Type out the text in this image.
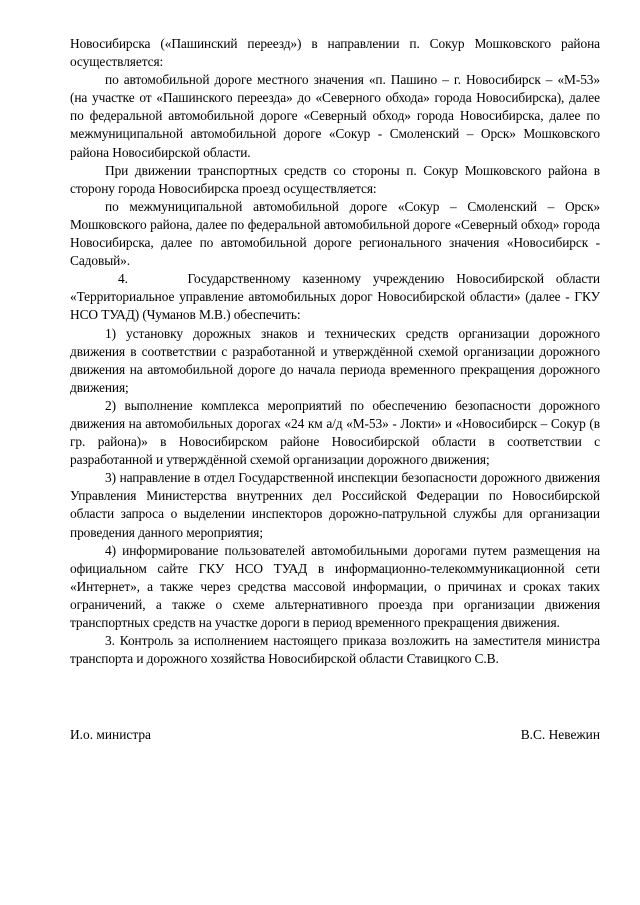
Новосибирска («Пашинский переезд») в направлении п. Сокур Мошковского района осуществляется:

по автомобильной дороге местного значения «п. Пашино – г. Новосибирск – «М-53» (на участке от «Пашинского переезда» до «Северного обхода» города Новосибирска), далее по федеральной автомобильной дороге «Северный обход» города Новосибирска, далее по межмуниципальной автомобильной дороге «Сокур - Смоленский – Орск» Мошковского района Новосибирской области.

При движении транспортных средств со стороны п. Сокур Мошковского района в сторону города Новосибирска проезд осуществляется:

по межмуниципальной автомобильной дороге «Сокур – Смоленский – Орск» Мошковского района, далее по федеральной автомобильной дороге «Северный обход» города Новосибирска, далее по автомобильной дороге регионального значения «Новосибирск - Садовый».

4.     Государственному казенному учреждению Новосибирской области «Территориальное управление автомобильных дорог Новосибирской области» (далее - ГКУ НСО ТУАД) (Чуманов М.В.) обеспечить:

1) установку дорожных знаков и технических средств организации дорожного движения в соответствии с разработанной и утверждённой схемой организации дорожного движения на автомобильной дороге до начала периода временного прекращения дорожного движения;

2) выполнение комплекса мероприятий по обеспечению безопасности дорожного движения на автомобильных дорогах «24 км а/д «М-53» - Локти» и «Новосибирск – Сокур (в гр. района)» в Новосибирском районе Новосибирской области в соответствии с разработанной и утверждённой схемой организации дорожного движения;

3) направление в отдел Государственной инспекции безопасности дорожного движения Управления Министерства внутренних дел Российской Федерации по Новосибирской области запроса о выделении инспекторов дорожно-патрульной службы для организации проведения данного мероприятия;

4) информирование пользователей автомобильными дорогами путем размещения на официальном сайте ГКУ НСО ТУАД в информационно-телекоммуникационной сети «Интернет», а также через средства массовой информации, о причинах и сроках таких ограничений, а также о схеме альтернативного проезда при организации движения транспортных средств на участке дороги в период временного прекращения движения.

3. Контроль за исполнением настоящего приказа возложить на заместителя министра транспорта и дорожного хозяйства Новосибирской области Ставицкого С.В.

И.о. министра	В.С. Невежин
